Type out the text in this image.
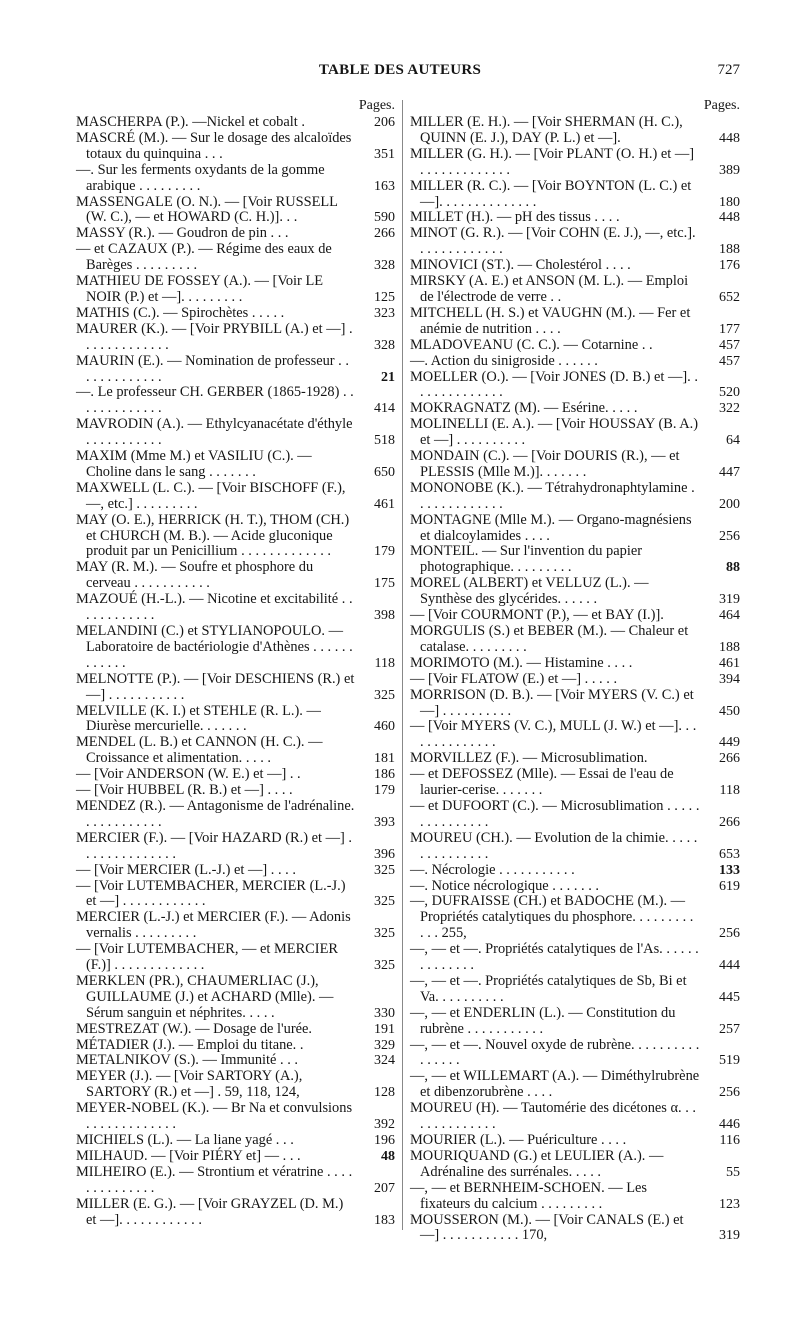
TABLE DES AUTEURS	727
Pages.

MASCHERPA (P.). —Nickel et cobalt .	206

MASCRÉ (M.). — Sur le dosage des alcaloïdes totaux du quinquina . . .	351

—. Sur les ferments oxydants de la gomme arabique . . . . . . . . .	163

MASSENGALE (O. N.). — [Voir RUSSELL (W. C.), — et HOWARD (C. H.)]. . .	590

MASSY (R.). — Goudron de pin . . .	266

— et CAZAUX (P.). — Régime des eaux de Barèges . . . . . . . . .	328

MATHIEU DE FOSSEY (A.). — [Voir LE NOIR (P.) et —]. . . . . . . . .	125

MATHIS (C.). — Spirochètes . . . . .	323

MAURER (K.). — [Voir PRYBILL (A.) et —] . . . . . . . . . . . . .	328

MAURIN (E.). — Nomination de professeur . . . . . . . . . . . . .	21

—. Le professeur CH. GERBER (1865-1928) . . . . . . . . . . . . .	414

MAVRODIN (A.). — Ethylcyanacétate d'éthyle . . . . . . . . . . .	518

MAXIM (Mme M.) et VASILIU (C.). — Choline dans le sang . . . . . . .	650

MAXWELL (L. C.). — [Voir BISCHOFF (F.), —, etc.] . . . . . . . . .	461

MAY (O. E.), HERRICK (H. T.), THOM (CH.) et CHURCH (M. B.). — Acide gluconique produit par un Penicillium . . . . . . . . . . . . .	179

MAY (R. M.). — Soufre et phosphore du cerveau . . . . . . . . . . .	175

MAZOUÉ (H.-L.). — Nicotine et excitabilité . . . . . . . . . . . .	398

MELANDINI (C.) et STYLIANOPOULO. — Laboratoire de bactériologie d'Athènes . . . . . . . . . . . .	118

MELNOTTE (P.). — [Voir DESCHIENS (R.) et —] . . . . . . . . . . .	325

MELVILLE (K. I.) et STEHLE (R. L.). — Diurèse mercurielle. . . . . . .	460

MENDEL (L. B.) et CANNON (H. C.). — Croissance et alimentation. . . . .	181

— [Voir ANDERSON (W. E.) et —] . .	186

— [Voir HUBBEL (R. B.) et —] . . . .	179

MENDEZ (R.). — Antagonisme de l'adrénaline. . . . . . . . . . . .	393

MERCIER (F.). — [Voir HAZARD (R.) et —] . . . . . . . . . . . . . .	396

— [Voir MERCIER (L.-J.) et —] . . . .	325

— [Voir LUTEMBACHER, MERCIER (L.-J.) et —] . . . . . . . . . . . .	325

MERCIER (L.-J.) et MERCIER (F.). — Adonis vernalis . . . . . . . . .	325

— [Voir LUTEMBACHER, — et MERCIER (F.)] . . . . . . . . . . . . .	325

MERKLEN (PR.), CHAUMERLIAC (J.), GUILLAUME (J.) et ACHARD (Mlle). — Sérum sanguin et néphrites. . . . .	330

MESTREZAT (W.). — Dosage de l'urée.	191

MÉTADIER (J.). — Emploi du titane. .	329

METALNIKOV (S.). — Immunité . . .	324

MEYER (J.). — [Voir SARTORY (A.), SARTORY (R.) et —] . 59, 118, 124,	128

MEYER-NOBEL (K.). — Br Na et convulsions . . . . . . . . . . . . .	392

MICHIELS (L.). — La liane yagé . . .	196

MILHAUD. — [Voir PIÉRY et] — . . .	48

MILHEIRO (E.). — Strontium et vératrine . . . . . . . . . . . . . .	207

MILLER (E. G.). — [Voir GRAYZEL (D. M.) et —]. . . . . . . . . . . .	183

Pages.

MILLER (E. H.). — [Voir SHERMAN (H. C.), QUINN (E. J.), DAY (P. L.) et —].	448

MILLER (G. H.). — [Voir PLANT (O. H.) et —] . . . . . . . . . . . . .	389

MILLER (R. C.). — [Voir BOYNTON (L. C.) et —]. . . . . . . . . . . . . .	180

MILLET (H.). — pH des tissus . . . .	448

MINOT (G. R.). — [Voir COHN (E. J.), —, etc.]. . . . . . . . . . . . .	188

MINOVICI (ST.). — Cholestérol . . . .	176

MIRSKY (A. E.) et ANSON (M. L.). — Emploi de l'électrode de verre . .	652

MITCHELL (H. S.) et VAUGHN (M.). — Fer et anémie de nutrition . . . .	177

MLADOVEANU (C. C.). — Cotarnine . .	457

—. Action du sinigroside . . . . . .	457

MOELLER (O.). — [Voir JONES (D. B.) et —]. . . . . . . . . . . . . .	520

MOKRAGNATZ (M). — Esérine. . . . .	322

MOLINELLI (E. A.). — [Voir HOUSSAY (B. A.) et —] . . . . . . . . . .	64

MONDAIN (C.). — [Voir DOURIS (R.), — et PLESSIS (Mlle M.)]. . . . . . .	447

MONONOBE (K.). — Tétrahydronaphtylamine . . . . . . . . . . . . .	200

MONTAGNE (Mlle M.). — Organo-magnésiens et dialcoylamides . . . .	256

MONTEIL. — Sur l'invention du papier photographique. . . . . . . . .	88

MOREL (ALBERT) et VELLUZ (L.). — Synthèse des glycérides. . . . . .	319

— [Voir COURMONT (P.), — et BAY (I.)].	464

MORGULIS (S.) et BEBER (M.). — Chaleur et catalase. . . . . . . . .	188

MORIMOTO (M.). — Histamine . . . .	461

— [Voir FLATOW (E.) et —] . . . . .	394

MORRISON (D. B.). — [Voir MYERS (V. C.) et —] . . . . . . . . . .	450

— [Voir MYERS (V. C.), MULL (J. W.) et —]. . . . . . . . . . . . . .	449

MORVILLEZ (F.). — Microsublimation.	266

— et DEFOSSEZ (Mlle). — Essai de l'eau de laurier-cerise. . . . . . .	118

— et DUFOORT (C.). — Microsublimation . . . . . . . . . . . . . . .	266

MOUREU (CH.). — Evolution de la chimie. . . . . . . . . . . . . . .	653

—. Nécrologie . . . . . . . . . . .	133

—. Notice nécrologique . . . . . . .	619

—, DUFRAISSE (CH.) et BADOCHE (M.). — Propriétés catalytiques du phosphore. . . . . . . . . . . . 255,	256

—, — et —. Propriétés catalytiques de l'As. . . . . . . . . . . . . .	444

—, — et —. Propriétés catalytiques de Sb, Bi et Va. . . . . . . . . .	445

—, — et ENDERLIN (L.). — Constitution du rubrène . . . . . . . . . . .	257

—, — et —. Nouvel oxyde de rubrène. . . . . . . . . . . . . . . .	519

—, — et WILLEMART (A.). — Diméthylrubrène et dibenzorubrène . . . .	256

MOUREU (H). — Tautomérie des dicétones α. . . . . . . . . . . . . .	446

MOURIER (L.). — Puériculture . . . .	116

MOURIQUAND (G.) et LEULIER (A.). — Adrénaline des surrénales. . . . .	55

—, — et BERNHEIM-SCHOEN. — Les fixateurs du calcium . . . . . . . . .	123

MOUSSERON (M.). — [Voir CANALS (E.) et —] . . . . . . . . . . . 170,	319
